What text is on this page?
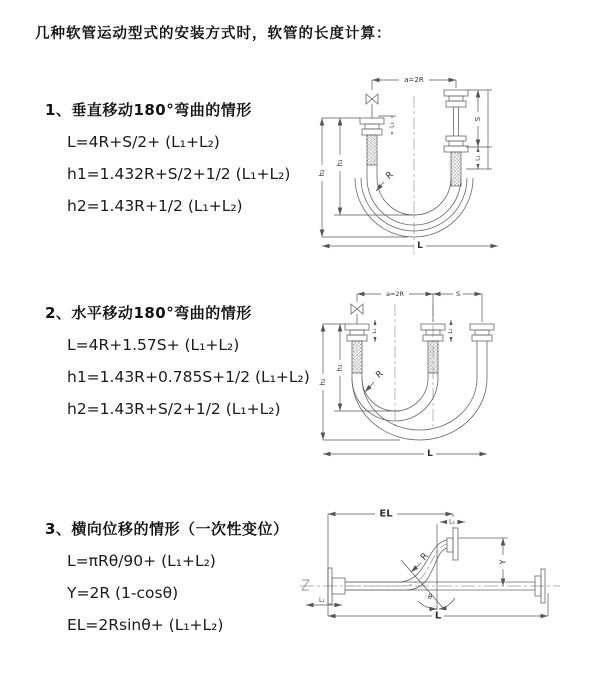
几种软管运动型式的安装方式时，软管的长度计算：

1、垂直移动180°弯曲的情形

L=4R+S/2+ (L₁+L₂)

h1=1.432R+S/2+1/2 (L₁+L₂)

h2=1.43R+1/2 (L₁+L₂)

2、水平移动180°弯曲的情形

L=4R+1.57S+ (L₁+L₂)

h1=1.43R+0.785S+1/2 (L₁+L₂)

h2=1.43R+S/2+1/2 (L₁+L₂)

3、横向位移的情形（一次性变位）

L=πRθ/90+ (L₁+L₂)

Y=2R (1-cosθ)

EL=2Rsinθ+ (L₁+L₂)

a=2R
L₁
h₁
h₂
S
L₁
R
L
a=2R	S
L₁	L₁
h₁
h₂
R
L
EL
L₁
Y
R
θ
L
L₁
